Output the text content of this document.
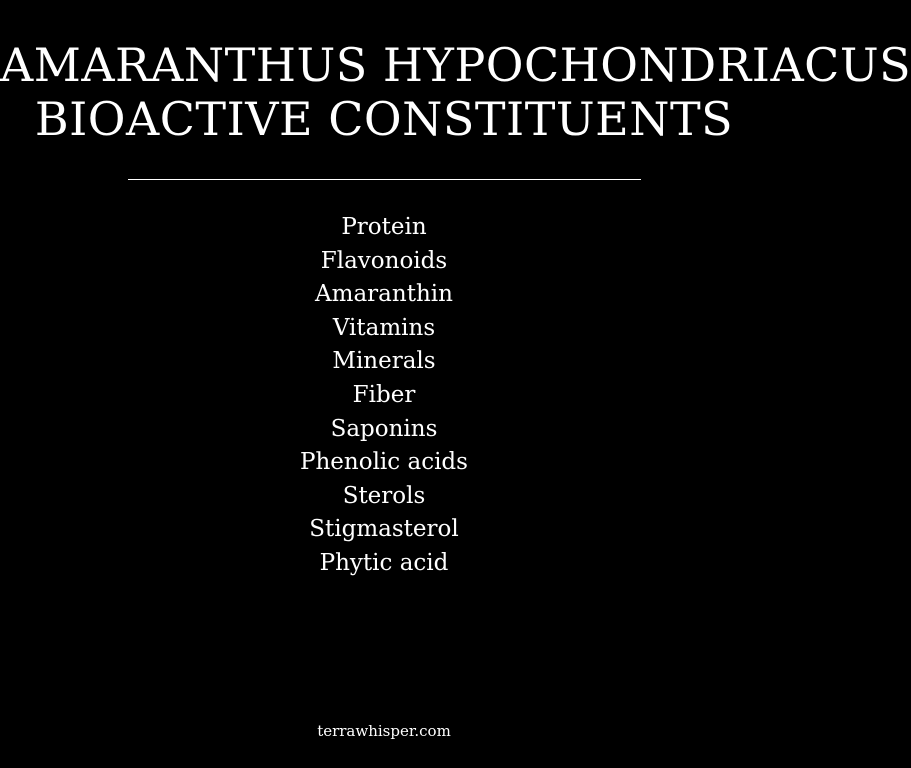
AMARANTHUS HYPOCHONDRIACUS
BIOACTIVE CONSTITUENTS
Protein
Flavonoids
Amaranthin
Vitamins
Minerals
Fiber
Saponins
Phenolic acids
Sterols
Stigmasterol
Phytic acid
terrawhisper.com
